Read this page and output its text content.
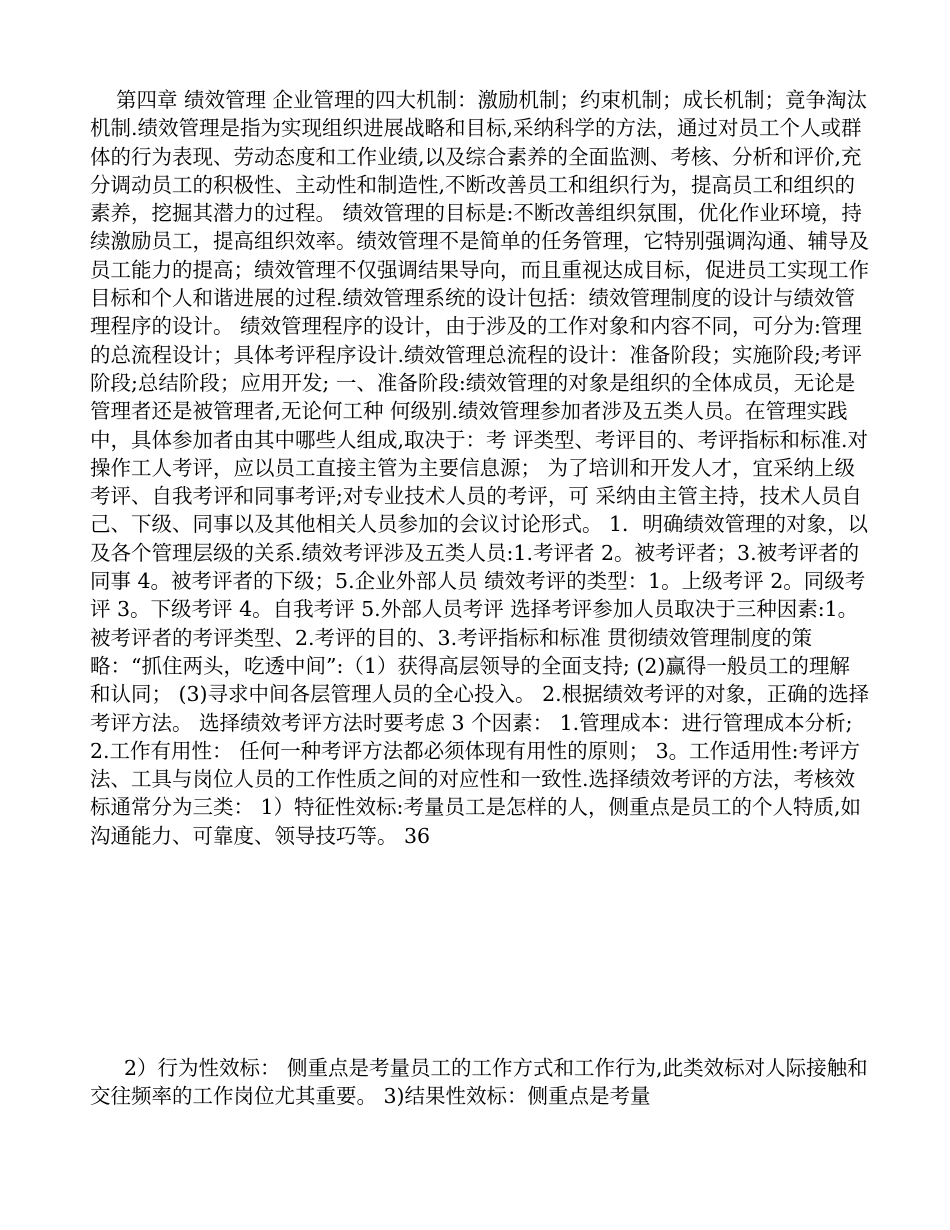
第四章 绩效管理 企业管理的四大机制：激励机制；约束机制；成长机制；竟争淘汰机制.绩效管理是指为实现组织进展战略和目标,采纳科学的方法，通过对员工个人或群体的行为表现、劳动态度和工作业绩,以及综合素养的全面监测、考核、分析和评价,充分调动员工的积极性、主动性和制造性,不断改善员工和组织行为，提高员工和组织的素养，挖掘其潜力的过程。 绩效管理的目标是:不断改善组织氛围，优化作业环境，持续激励员工，提高组织效率。绩效管理不是简单的任务管理，它特别强调沟通、辅导及员工能力的提高；绩效管理不仅强调结果导向，而且重视达成目标，促进员工实现工作目标和个人和谐进展的过程.绩效管理系统的设计包括：绩效管理制度的设计与绩效管理程序的设计。 绩效管理程序的设计，由于涉及的工作对象和内容不同，可分为:管理的总流程设计；具体考评程序设计.绩效管理总流程的设计：准备阶段；实施阶段;考评阶段;总结阶段；应用开发; 一、准备阶段:绩效管理的对象是组织的全体成员，无论是管理者还是被管理者,无论何工种 何级别.绩效管理参加者涉及五类人员。在管理实践中，具体参加者由其中哪些人组成,取决于：考 评类型、考评目的、考评指标和标准.对操作工人考评，应以员工直接主管为主要信息源； 为了培训和开发人才，宜采纳上级考评、自我考评和同事考评;对专业技术人员的考评，可 采纳由主管主持，技术人员自己、下级、同事以及其他相关人员参加的会议讨论形式。 1．明确绩效管理的对象，以及各个管理层级的关系.绩效考评涉及五类人员:1.考评者 2。被考评者；3.被考评者的同事 4。被考评者的下级；5.企业外部人员 绩效考评的类型：1。上级考评 2。同级考评 3。下级考评 4。自我考评 5.外部人员考评 选择考评参加人员取决于三种因素:1。被考评者的考评类型、2.考评的目的、3.考评指标和标准 贯彻绩效管理制度的策略：“抓住两头，吃透中间”:（1）获得高层领导的全面支持; (2)赢得一般员工的理解和认同； (3)寻求中间各层管理人员的全心投入。 2.根据绩效考评的对象，正确的选择考评方法。 选择绩效考评方法时要考虑 3 个因素： 1.管理成本：进行管理成本分析; 2.工作有用性： 任何一种考评方法都必须体现有用性的原则； 3。工作适用性:考评方法、工具与岗位人员的工作性质之间的对应性和一致性.选择绩效考评的方法，考核效标通常分为三类： 1）特征性效标:考量员工是怎样的人，侧重点是员工的个人特质,如沟通能力、可靠度、领导技巧等。 36

2）行为性效标： 侧重点是考量员工的工作方式和工作行为,此类效标对人际接触和交往频率的工作岗位尤其重要。 3)结果性效标：侧重点是考量
